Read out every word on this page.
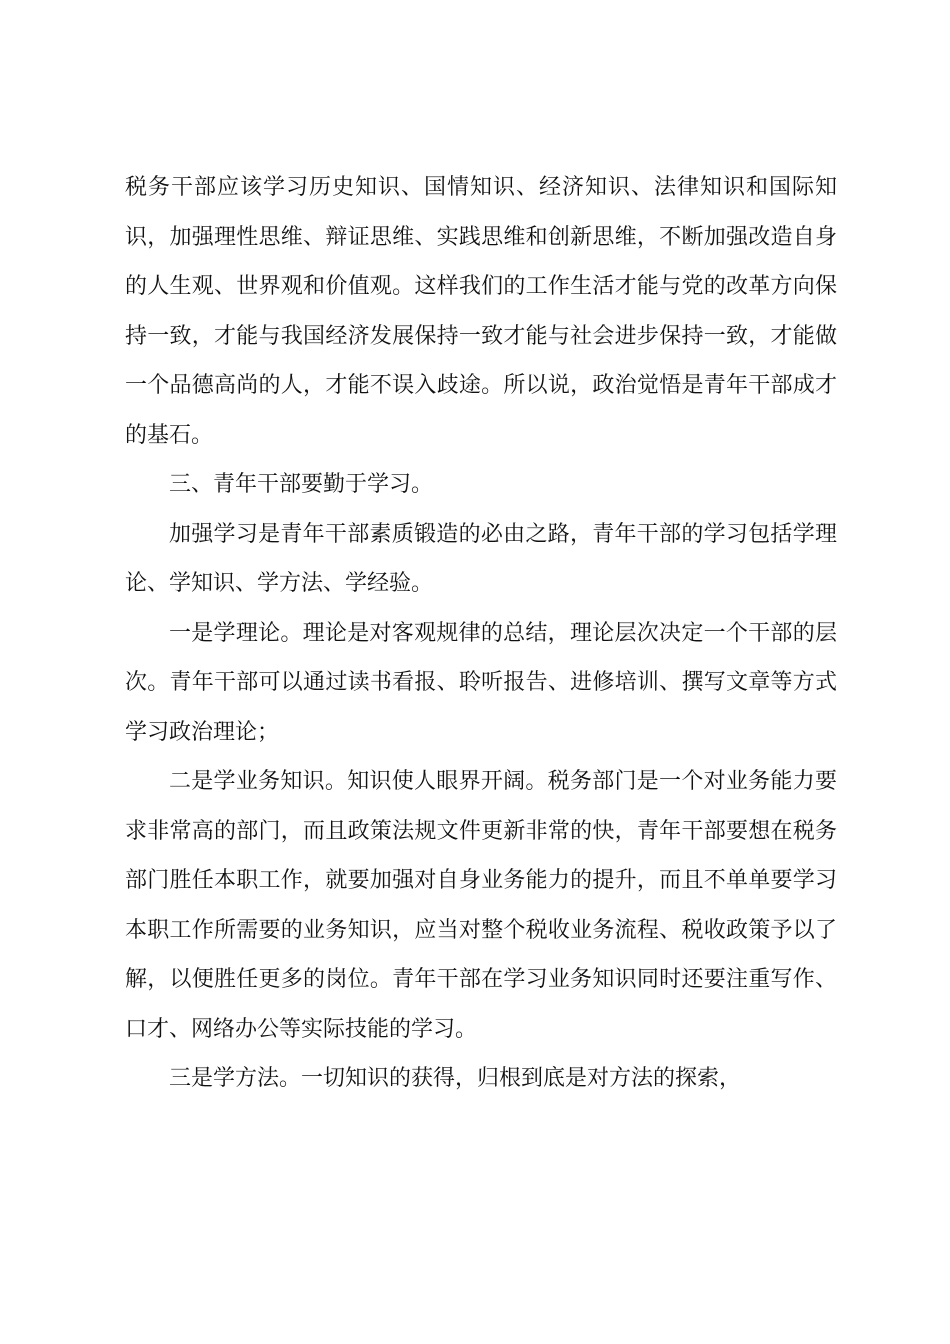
税务干部应该学习历史知识、国情知识、经济知识、法律知识和国际知识，加强理性思维、辩证思维、实践思维和创新思维，不断加强改造自身的人生观、世界观和价值观。这样我们的工作生活才能与党的改革方向保持一致，才能与我国经济发展保持一致才能与社会进步保持一致，才能做一个品德高尚的人，才能不误入歧途。所以说，政治觉悟是青年干部成才的基石。

三、青年干部要勤于学习。

加强学习是青年干部素质锻造的必由之路，青年干部的学习包括学理论、学知识、学方法、学经验。

一是学理论。理论是对客观规律的总结，理论层次决定一个干部的层次。青年干部可以通过读书看报、聆听报告、进修培训、撰写文章等方式学习政治理论；

二是学业务知识。知识使人眼界开阔。税务部门是一个对业务能力要求非常高的部门，而且政策法规文件更新非常的快，青年干部要想在税务部门胜任本职工作，就要加强对自身业务能力的提升，而且不单单要学习本职工作所需要的业务知识，应当对整个税收业务流程、税收政策予以了解，以便胜任更多的岗位。青年干部在学习业务知识同时还要注重写作、口才、网络办公等实际技能的学习。

三是学方法。一切知识的获得，归根到底是对方法的探索，
